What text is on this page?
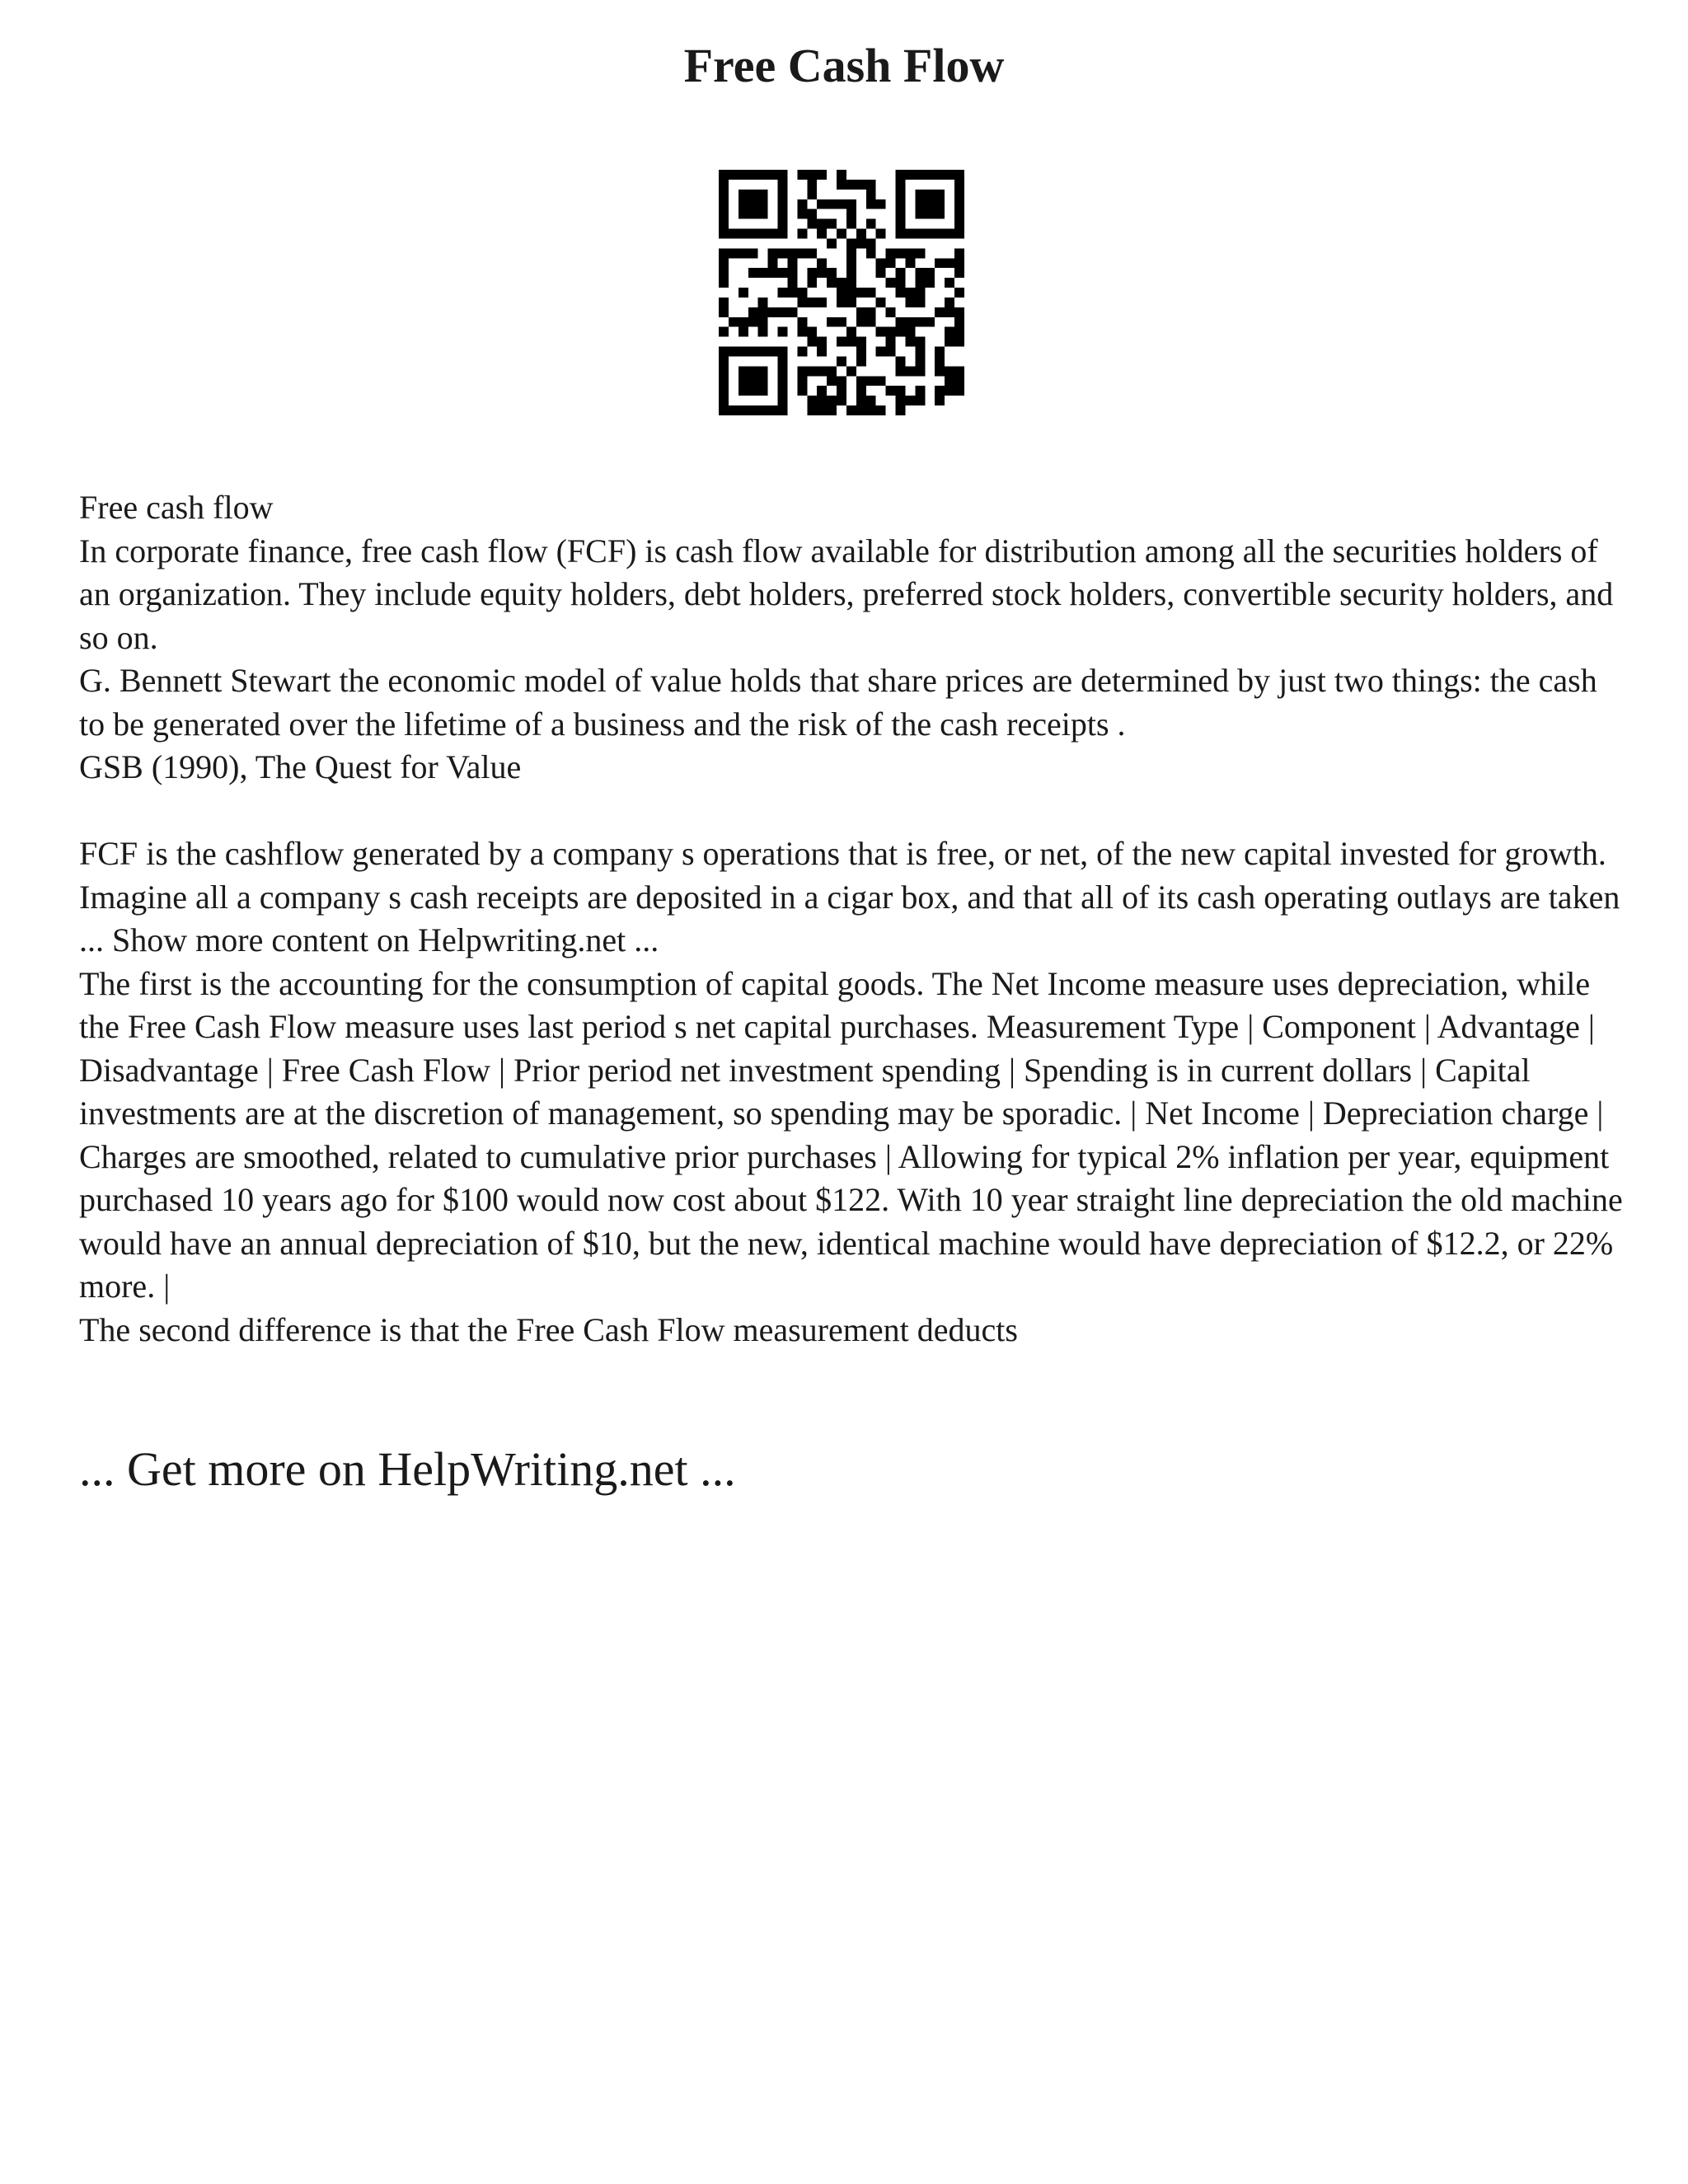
Free Cash Flow

Free cash flow

In corporate finance, free cash flow (FCF) is cash flow available for distribution among all the securities holders of an organization. They include equity holders, debt holders, preferred stock holders, convertible security holders, and so on.

G. Bennett Stewart the economic model of value holds that share prices are determined by just two things: the cash to be generated over the lifetime of a business and the risk of the cash receipts .

GSB (1990), The Quest for Value

FCF is the cashflow generated by a company s operations that is free, or net, of the new capital invested for growth. Imagine all a company s cash receipts are deposited in a cigar box, and that all of its cash operating outlays are taken ... Show more content on Helpwriting.net ...

The first is the accounting for the consumption of capital goods. The Net Income measure uses depreciation, while the Free Cash Flow measure uses last period s net capital purchases. Measurement Type | Component | Advantage | Disadvantage | Free Cash Flow | Prior period net investment spending | Spending is in current dollars | Capital investments are at the discretion of management, so spending may be sporadic. | Net Income | Depreciation charge | Charges are smoothed, related to cumulative prior purchases | Allowing for typical 2% inflation per year, equipment purchased 10 years ago for $100 would now cost about $122. With 10 year straight line depreciation the old machine would have an annual depreciation of $10, but the new, identical machine would have depreciation of $12.2, or 22% more. |

The second difference is that the Free Cash Flow measurement deducts

... Get more on HelpWriting.net ...
